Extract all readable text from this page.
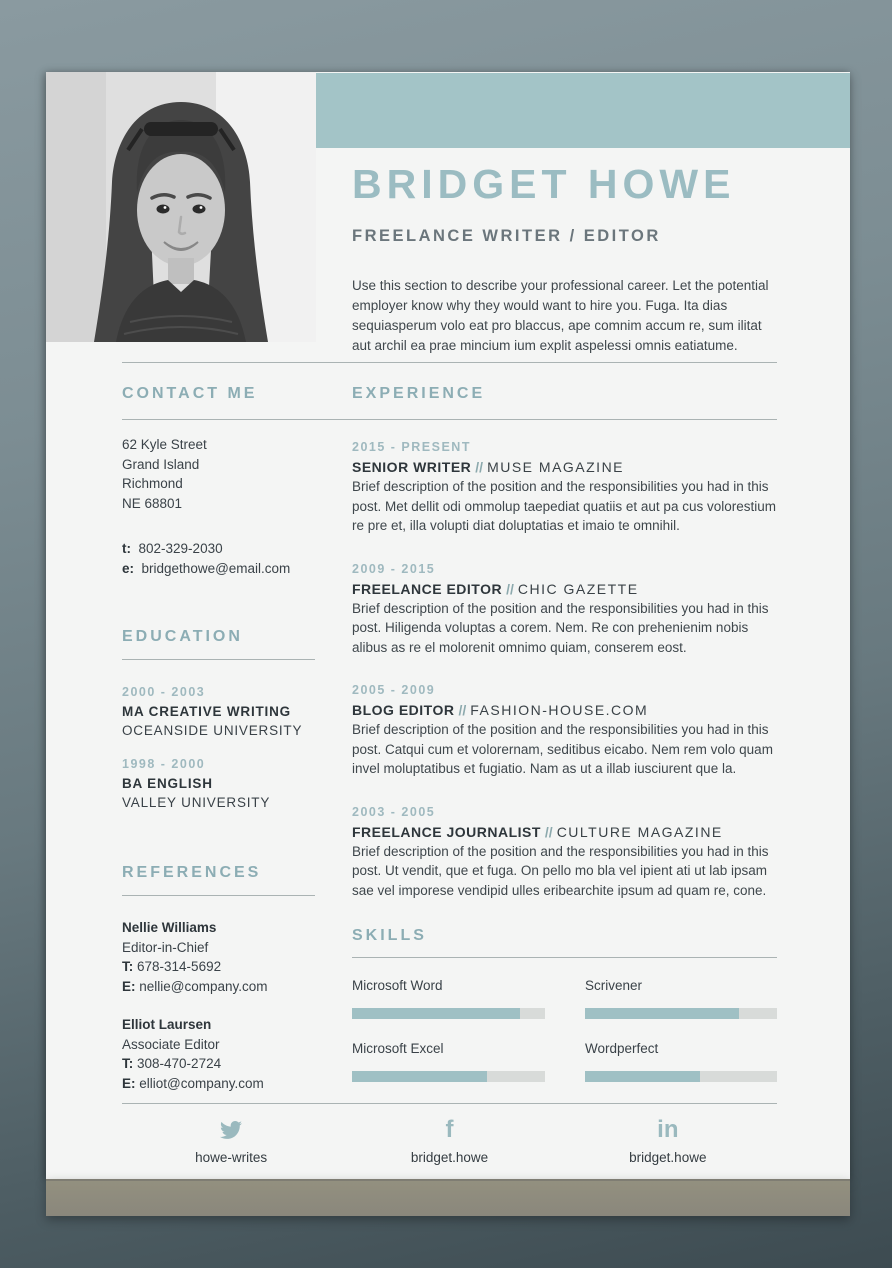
BRIDGET HOWE
FREELANCE WRITER / EDITOR
Use this section to describe your professional career. Let the potential employer know why they would want to hire you. Fuga. Ita dias sequiasperum volo eat pro blaccus, ape comnim accum re, sum ilitat aut archil ea prae mincium ium explit aspelessi omnis eatiatume.
CONTACT ME	EXPERIENCE
62 Kyle Street
Grand Island
Richmond
NE 68801
t: 802-329-2030
e: bridgethowe@email.com
EDUCATION
2000 - 2003
MA CREATIVE WRITING
OCEANSIDE UNIVERSITY
1998 - 2000
BA ENGLISH
VALLEY UNIVERSITY
REFERENCES
Nellie Williams
Editor-in-Chief
T: 678-314-5692
E: nellie@company.com
Elliot Laursen
Associate Editor
T: 308-470-2724
E: elliot@company.com
2015 - PRESENT
SENIOR WRITER // MUSE MAGAZINE
Brief description of the position and the responsibilities you had in this post. Met dellit odi ommolup taepediat quatiis et aut pa cus volorestium re pre et, illa volupti diat doluptatias et imaio te omnihil.
2009 - 2015
FREELANCE EDITOR // CHIC GAZETTE
Brief description of the position and the responsibilities you had in this post. Hiligenda voluptas a corem. Nem. Re con prehenienim nobis alibus as re el molorenit omnimo quiam, conserem eost.
2005 - 2009
BLOG EDITOR // FASHION-HOUSE.COM
Brief description of the position and the responsibilities you had in this post. Catqui cum et volorernam, seditibus eicabo. Nem rem volo quam invel moluptatibus et fugiatio. Nam as ut a illab iusciurent que la.
2003 - 2005
FREELANCE JOURNALIST // CULTURE MAGAZINE
Brief description of the position and the responsibilities you had in this post. Ut vendit, que et fuga. On pello mo bla vel ipient ati ut lab ipsam sae vel imporese vendipid ulles eribearchite ipsum ad quam re, cone.
SKILLS
Microsoft Word	Scrivener
Microsoft Excel	Wordperfect
howe-writes
f
bridget.howe
in
bridget.howe
